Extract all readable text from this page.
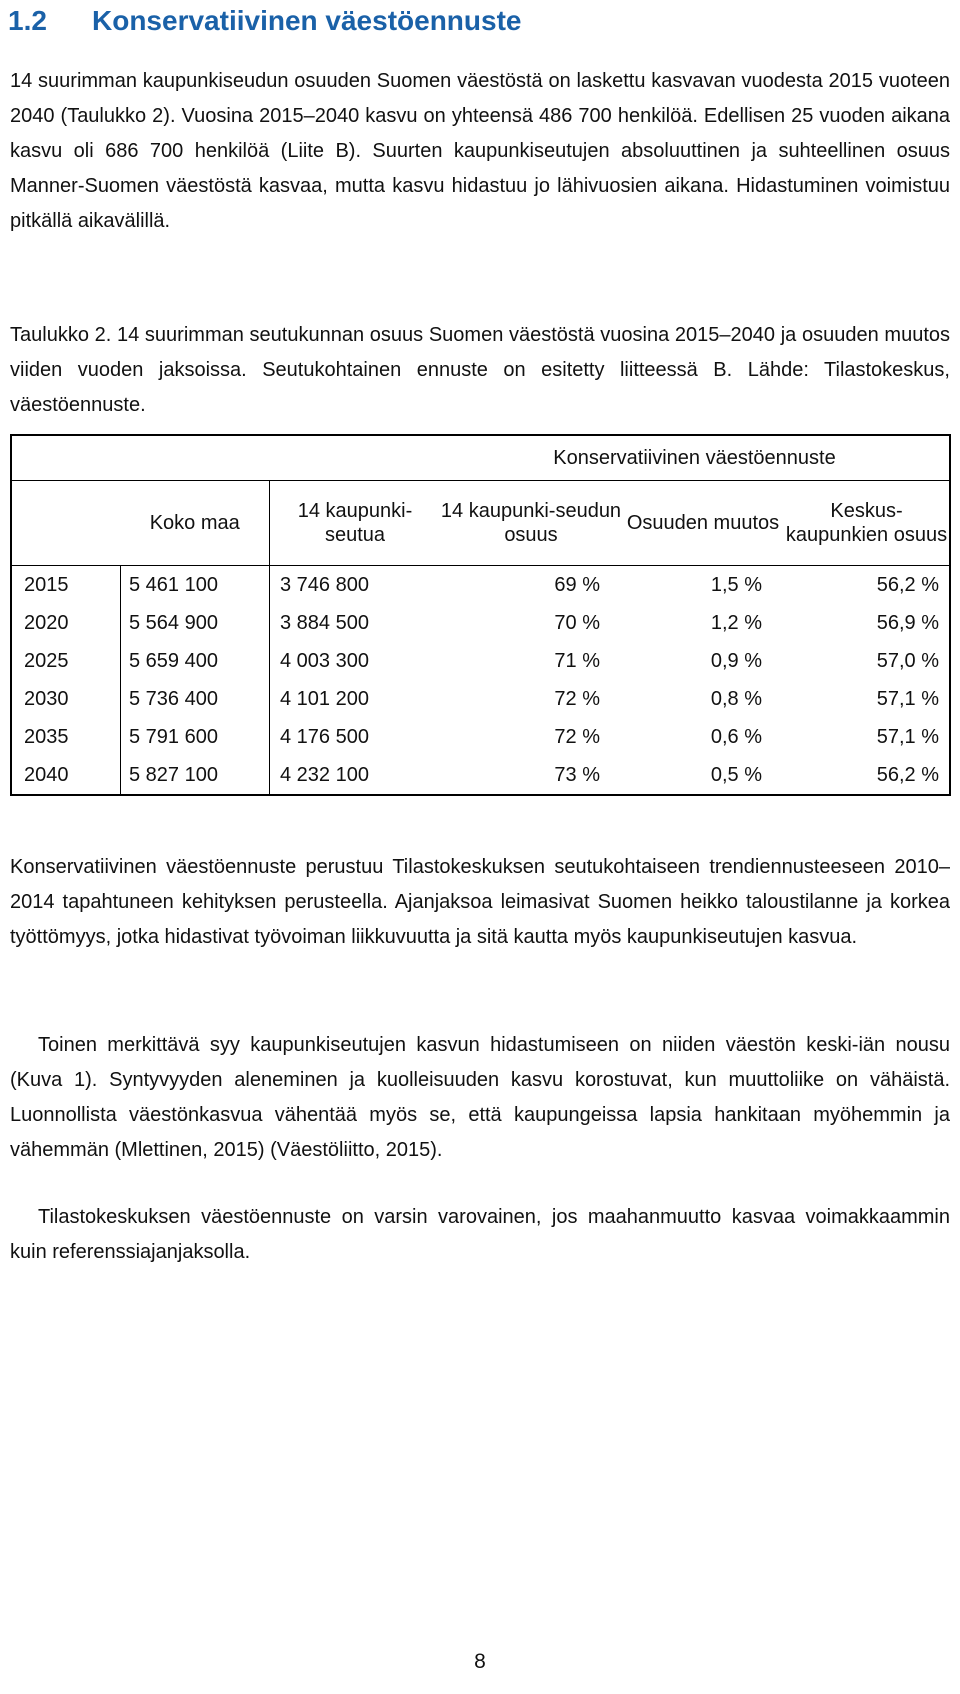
1.2 Konservatiivinen väestöennuste

14 suurimman kaupunkiseudun osuuden Suomen väestöstä on laskettu kasvavan vuodesta 2015 vuoteen 2040 (Taulukko 2). Vuosina 2015–2040 kasvu on yhteensä 486 700 henkilöä. Edellisen 25 vuoden aikana kasvu oli 686 700 henkilöä (Liite B). Suurten kaupunkiseutujen absoluuttinen ja suhteellinen osuus Manner-Suomen väestöstä kasvaa, mutta kasvu hidastuu jo lähivuosien aikana. Hidastuminen voimistuu pitkällä aikavälillä.

Taulukko 2. 14 suurimman seutukunnan osuus Suomen väestöstä vuosina 2015–2040 ja osuuden muutos viiden vuoden jaksoissa. Seutukohtainen ennuste on esitetty liitteessä B. Lähde: Tilastokeskus, väestöennuste.

			Konservatiivinen väestöennuste		
	Koko maa	14 kaupunki-seutua	14 kaupunki-seudun osuus	Osuuden muutos	Keskus-kaupunkien osuus
2015	5 461 100	3 746 800	69 %	1,5 %	56,2 %
2020	5 564 900	3 884 500	70 %	1,2 %	56,9 %
2025	5 659 400	4 003 300	71 %	0,9 %	57,0 %
2030	5 736 400	4 101 200	72 %	0,8 %	57,1 %
2035	5 791 600	4 176 500	72 %	0,6 %	57,1 %
2040	5 827 100	4 232 100	73 %	0,5 %	56,2 %

Konservatiivinen väestöennuste perustuu Tilastokeskuksen seutukohtaiseen trendiennusteeseen 2010–2014 tapahtuneen kehityksen perusteella. Ajanjaksoa leimasivat Suomen heikko taloustilanne ja korkea työttömyys, jotka hidastivat työvoiman liikkuvuutta ja sitä kautta myös kaupunkiseutujen kasvua.

Toinen merkittävä syy kaupunkiseutujen kasvun hidastumiseen on niiden väestön keski-iän nousu (Kuva 1). Syntyvyyden aleneminen ja kuolleisuuden kasvu korostuvat, kun muuttoliike on vähäistä. Luonnollista väestönkasvua vähentää myös se, että kaupungeissa lapsia hankitaan myöhemmin ja vähemmän (Mlettinen, 2015) (Väestöliitto, 2015).

Tilastokeskuksen väestöennuste on varsin varovainen, jos maahanmuutto kasvaa voimakkaammin kuin referenssiajanjaksolla.

8
